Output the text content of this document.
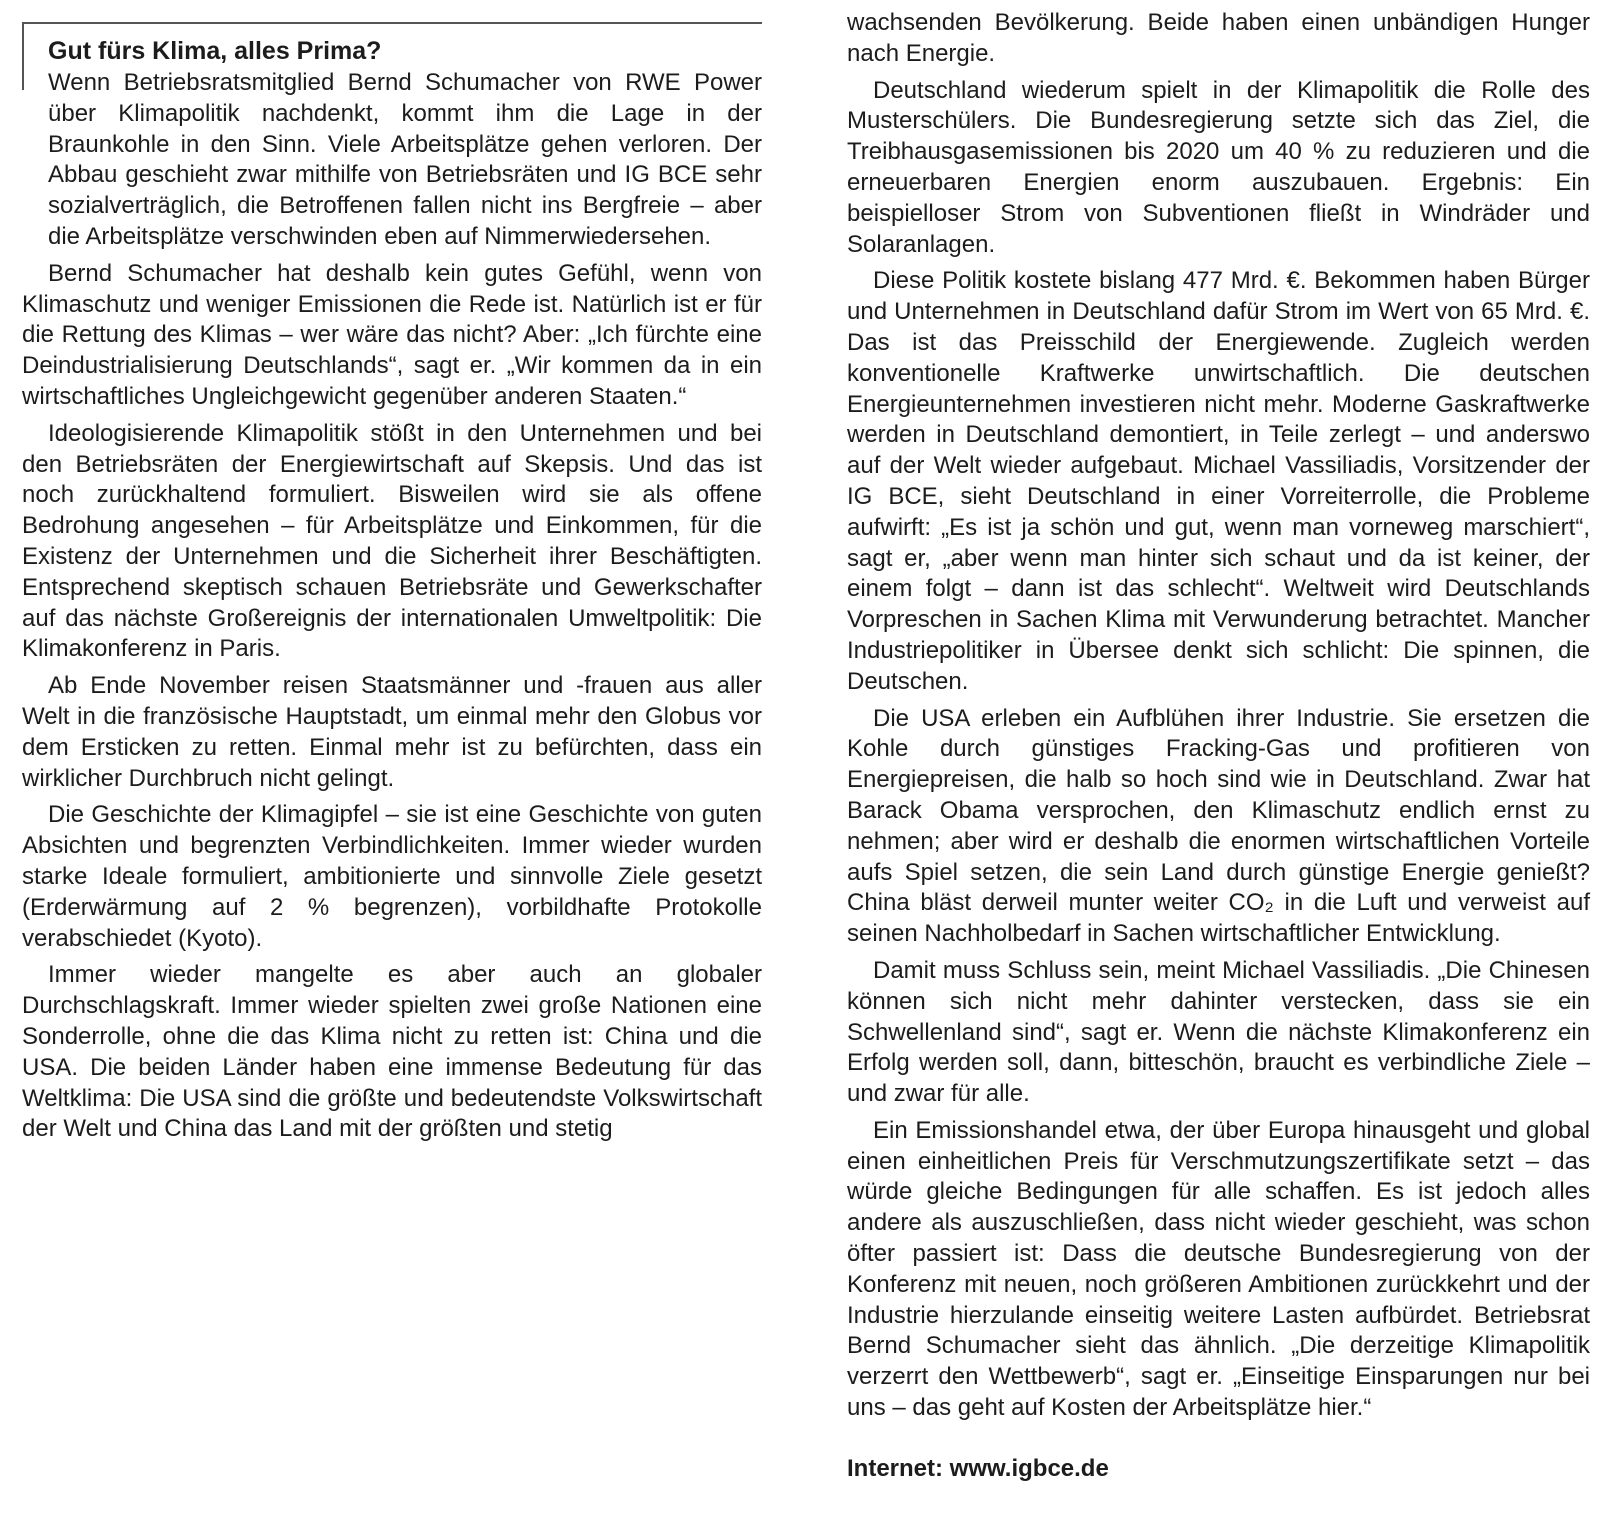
Gut fürs Klima, alles Prima?

Wenn Betriebsratsmitglied Bernd Schumacher von RWE Power über Klimapolitik nachdenkt, kommt ihm die Lage in der Braunkohle in den Sinn. Viele Arbeitsplätze gehen verloren. Der Abbau geschieht zwar mithilfe von Betriebsräten und IG BCE sehr sozialverträglich, die Betroffenen fallen nicht ins Bergfreie – aber die Arbeitsplätze verschwinden eben auf Nimmerwiedersehen.

Bernd Schumacher hat deshalb kein gutes Gefühl, wenn von Klimaschutz und weniger Emissionen die Rede ist. Natürlich ist er für die Rettung des Klimas – wer wäre das nicht? Aber: „Ich fürchte eine Deindustrialisierung Deutschlands“, sagt er. „Wir kommen da in ein wirtschaftliches Ungleichgewicht gegenüber anderen Staaten.“

Ideologisierende Klimapolitik stößt in den Unternehmen und bei den Betriebsräten der Energiewirtschaft auf Skepsis. Und das ist noch zurückhaltend formuliert. Bisweilen wird sie als offene Bedrohung angesehen – für Arbeitsplätze und Einkommen, für die Existenz der Unternehmen und die Sicherheit ihrer Beschäftigten. Entsprechend skeptisch schauen Betriebsräte und Gewerkschafter auf das nächste Großereignis der internationalen Umweltpolitik: Die Klimakonferenz in Paris.

Ab Ende November reisen Staatsmänner und -frauen aus aller Welt in die französische Hauptstadt, um einmal mehr den Globus vor dem Ersticken zu retten. Einmal mehr ist zu befürchten, dass ein wirklicher Durchbruch nicht gelingt.

Die Geschichte der Klimagipfel – sie ist eine Geschichte von guten Absichten und begrenzten Verbindlichkeiten. Immer wieder wurden starke Ideale formuliert, ambitionierte und sinnvolle Ziele gesetzt (Erderwärmung auf 2 % begrenzen), vorbildhafte Protokolle verabschiedet (Kyoto).

Immer wieder mangelte es aber auch an globaler Durchschlagskraft. Immer wieder spielten zwei große Nationen eine Sonderrolle, ohne die das Klima nicht zu retten ist: China und die USA. Die beiden Länder haben eine immense Bedeutung für das Weltklima: Die USA sind die größte und bedeutendste Volkswirtschaft der Welt und China das Land mit der größten und stetig

wachsenden Bevölkerung. Beide haben einen unbändigen Hunger nach Energie.

Deutschland wiederum spielt in der Klimapolitik die Rolle des Musterschülers. Die Bundesregierung setzte sich das Ziel, die Treibhausgasemissionen bis 2020 um 40 % zu reduzieren und die erneuerbaren Energien enorm auszubauen. Ergebnis: Ein beispielloser Strom von Subventionen fließt in Windräder und Solaranlagen.

Diese Politik kostete bislang 477 Mrd. €. Bekommen haben Bürger und Unternehmen in Deutschland dafür Strom im Wert von 65 Mrd. €. Das ist das Preisschild der Energiewende. Zugleich werden konventionelle Kraftwerke unwirtschaftlich. Die deutschen Energieunternehmen investieren nicht mehr. Moderne Gaskraftwerke werden in Deutschland demontiert, in Teile zerlegt – und anderswo auf der Welt wieder aufgebaut. Michael Vassiliadis, Vorsitzender der IG BCE, sieht Deutschland in einer Vorreiterrolle, die Probleme aufwirft: „Es ist ja schön und gut, wenn man vorneweg marschiert“, sagt er, „aber wenn man hinter sich schaut und da ist keiner, der einem folgt – dann ist das schlecht“. Weltweit wird Deutschlands Vorpreschen in Sachen Klima mit Verwunderung betrachtet. Mancher Industriepolitiker in Übersee denkt sich schlicht: Die spinnen, die Deutschen.

Die USA erleben ein Aufblühen ihrer Industrie. Sie ersetzen die Kohle durch günstiges Fracking-Gas und profitieren von Energiepreisen, die halb so hoch sind wie in Deutschland. Zwar hat Barack Obama versprochen, den Klimaschutz endlich ernst zu nehmen; aber wird er deshalb die enormen wirtschaftlichen Vorteile aufs Spiel setzen, die sein Land durch günstige Energie genießt? China bläst derweil munter weiter CO₂ in die Luft und verweist auf seinen Nachholbedarf in Sachen wirtschaftlicher Entwicklung.

Damit muss Schluss sein, meint Michael Vassiliadis. „Die Chinesen können sich nicht mehr dahinter verstecken, dass sie ein Schwellenland sind“, sagt er. Wenn die nächste Klimakonferenz ein Erfolg werden soll, dann, bitteschön, braucht es verbindliche Ziele – und zwar für alle.

Ein Emissionshandel etwa, der über Europa hinausgeht und global einen einheitlichen Preis für Verschmutzungszertifikate setzt – das würde gleiche Bedingungen für alle schaffen. Es ist jedoch alles andere als auszuschließen, dass nicht wieder geschieht, was schon öfter passiert ist: Dass die deutsche Bundesregierung von der Konferenz mit neuen, noch größeren Ambitionen zurückkehrt und der Industrie hierzulande einseitig weitere Lasten aufbürdet. Betriebsrat Bernd Schumacher sieht das ähnlich. „Die derzeitige Klimapolitik verzerrt den Wettbewerb“, sagt er. „Einseitige Einsparungen nur bei uns – das geht auf Kosten der Arbeitsplätze hier.“

Internet: www.igbce.de
